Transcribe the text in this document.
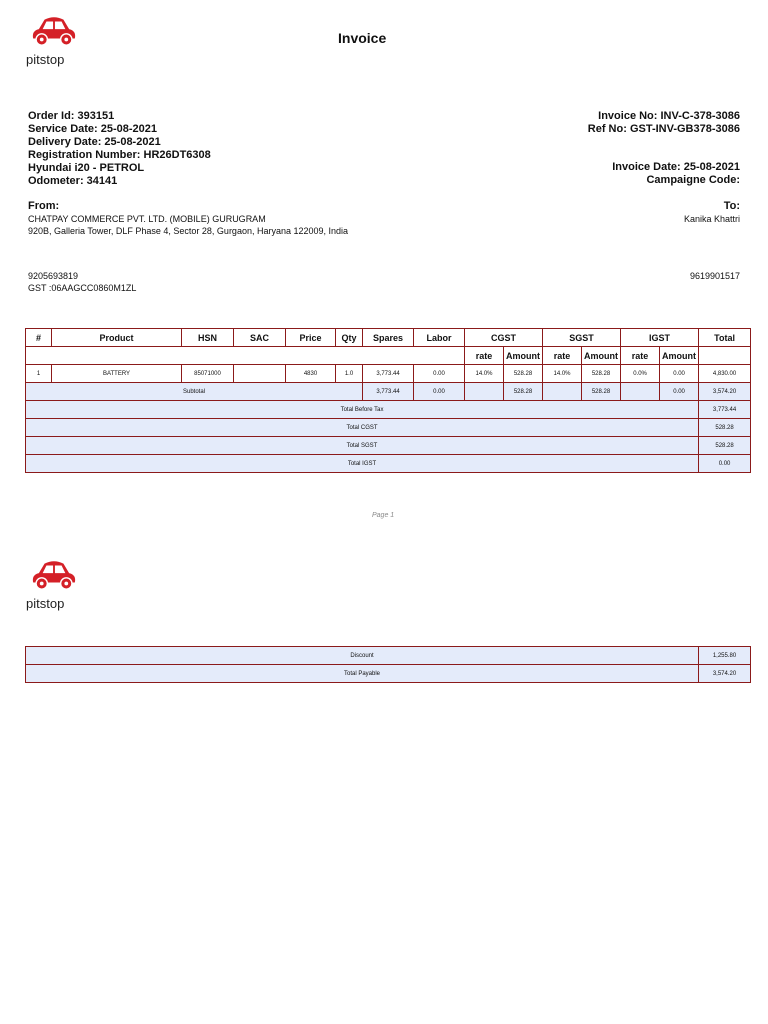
pitstop
Invoice
Order Id: 393151
Service Date: 25-08-2021
Delivery Date: 25-08-2021
Registration Number: HR26DT6308
Hyundai i20 - PETROL
Odometer: 34141
Invoice No: INV-C-378-3086
Ref No: GST-INV-GB378-3086
Invoice Date: 25-08-2021
Campaigne Code:
From:
CHATPAY COMMERCE PVT. LTD. (MOBILE) GURUGRAM
920B, Galleria Tower, DLF Phase 4, Sector 28, Gurgaon, Haryana 122009, India
To:
Kanika Khattri
9205693819
GST :06AAGCC0860M1ZL
9619901517
#	Product	HSN	SAC	Price	Qty	Spares	Labor	CGST		SGST		IGST		Total
								rate	Amount	rate	Amount	rate	Amount	
1	BATTERY	85071000		4830	1.0	3,773.44	0.00	14.0%	528.28	14.0%	528.28	0.0%	0.00	4,830.00
Subtotal						3,773.44	0.00		528.28		528.28		0.00	3,574.20
Total Before Tax														3,773.44
Total CGST														528.28
Total SGST														528.28
Total IGST														0.00
Page 1
pitstop
Discount	1,255.80
Total Payable	3,574.20
